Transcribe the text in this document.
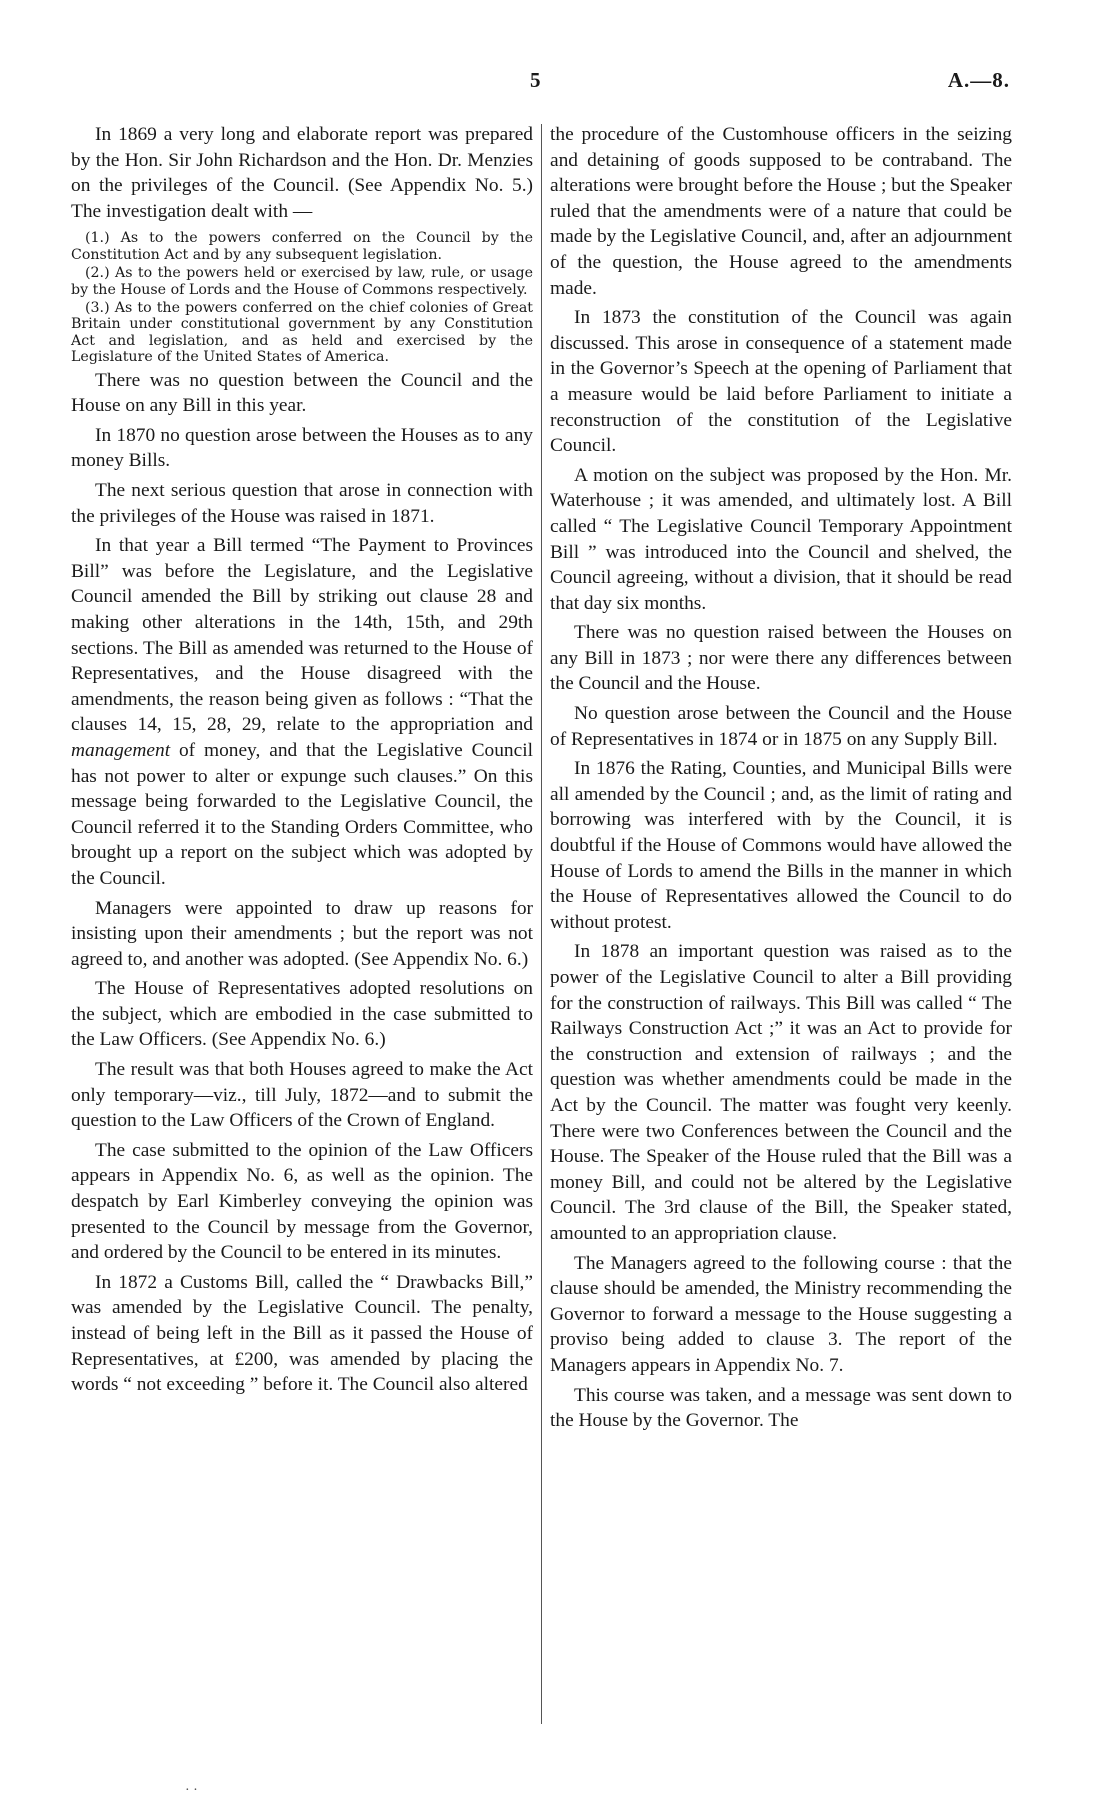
5	A.—8.

In 1869 a very long and elaborate report was prepared by the Hon. Sir John Richardson and the Hon. Dr. Menzies on the privileges of the Council. (See Appendix No. 5.) The investigation dealt with —

(1.) As to the powers conferred on the Council by the Constitution Act and by any subsequent legislation.

(2.) As to the powers held or exercised by law, rule, or usage by the House of Lords and the House of Commons respectively.

(3.) As to the powers conferred on the chief colonies of Great Britain under constitutional government by any Constitution Act and legislation, and as held and exercised by the Legislature of the United States of America.

There was no question between the Council and the House on any Bill in this year.

In 1870 no question arose between the Houses as to any money Bills.

The next serious question that arose in connection with the privileges of the House was raised in 1871.

In that year a Bill termed “The Payment to Provinces Bill” was before the Legislature, and the Legislative Council amended the Bill by striking out clause 28 and making other alterations in the 14th, 15th, and 29th sections. The Bill as amended was returned to the House of Representatives, and the House disagreed with the amendments, the reason being given as follows : “That the clauses 14, 15, 28, 29, relate to the appropriation and management of money, and that the Legislative Council has not power to alter or expunge such clauses.” On this message being forwarded to the Legislative Council, the Council referred it to the Standing Orders Committee, who brought up a report on the subject which was adopted by the Council.

Managers were appointed to draw up reasons for insisting upon their amendments ; but the report was not agreed to, and another was adopted. (See Appendix No. 6.)

The House of Representatives adopted resolutions on the subject, which are embodied in the case submitted to the Law Officers. (See Appendix No. 6.)

The result was that both Houses agreed to make the Act only temporary—viz., till July, 1872—and to submit the question to the Law Officers of the Crown of England.

The case submitted to the opinion of the Law Officers appears in Appendix No. 6, as well as the opinion. The despatch by Earl Kimberley conveying the opinion was presented to the Council by message from the Governor, and ordered by the Council to be entered in its minutes.

In 1872 a Customs Bill, called the “ Drawbacks Bill,” was amended by the Legislative Council. The penalty, instead of being left in the Bill as it passed the House of Representatives, at £200, was amended by placing the words “ not exceeding ” before it. The Council also altered

the procedure of the Customhouse officers in the seizing and detaining of goods supposed to be contraband. The alterations were brought before the House ; but the Speaker ruled that the amendments were of a nature that could be made by the Legislative Council, and, after an adjournment of the question, the House agreed to the amendments made.

In 1873 the constitution of the Council was again discussed. This arose in consequence of a statement made in the Governor’s Speech at the opening of Parliament that a measure would be laid before Parliament to initiate a reconstruction of the constitution of the Legislative Council.

A motion on the subject was proposed by the Hon. Mr. Waterhouse ; it was amended, and ultimately lost. A Bill called “ The Legislative Council Temporary Appointment Bill ” was introduced into the Council and shelved, the Council agreeing, without a division, that it should be read that day six months.

There was no question raised between the Houses on any Bill in 1873 ; nor were there any differences between the Council and the House.

No question arose between the Council and the House of Representatives in 1874 or in 1875 on any Supply Bill.

In 1876 the Rating, Counties, and Municipal Bills were all amended by the Council ; and, as the limit of rating and borrowing was interfered with by the Council, it is doubtful if the House of Commons would have allowed the House of Lords to amend the Bills in the manner in which the House of Representatives allowed the Council to do without protest.

In 1878 an important question was raised as to the power of the Legislative Council to alter a Bill providing for the construction of railways. This Bill was called “ The Railways Construction Act ;” it was an Act to provide for the construction and extension of railways ; and the question was whether amendments could be made in the Act by the Council. The matter was fought very keenly. There were two Conferences between the Council and the House. The Speaker of the House ruled that the Bill was a money Bill, and could not be altered by the Legislative Council. The 3rd clause of the Bill, the Speaker stated, amounted to an appropriation clause.

The Managers agreed to the following course : that the clause should be amended, the Ministry recommending the Governor to forward a message to the House suggesting a proviso being added to clause 3. The report of the Managers appears in Appendix No. 7.

This course was taken, and a message was sent down to the House by the Governor. The

· ·
